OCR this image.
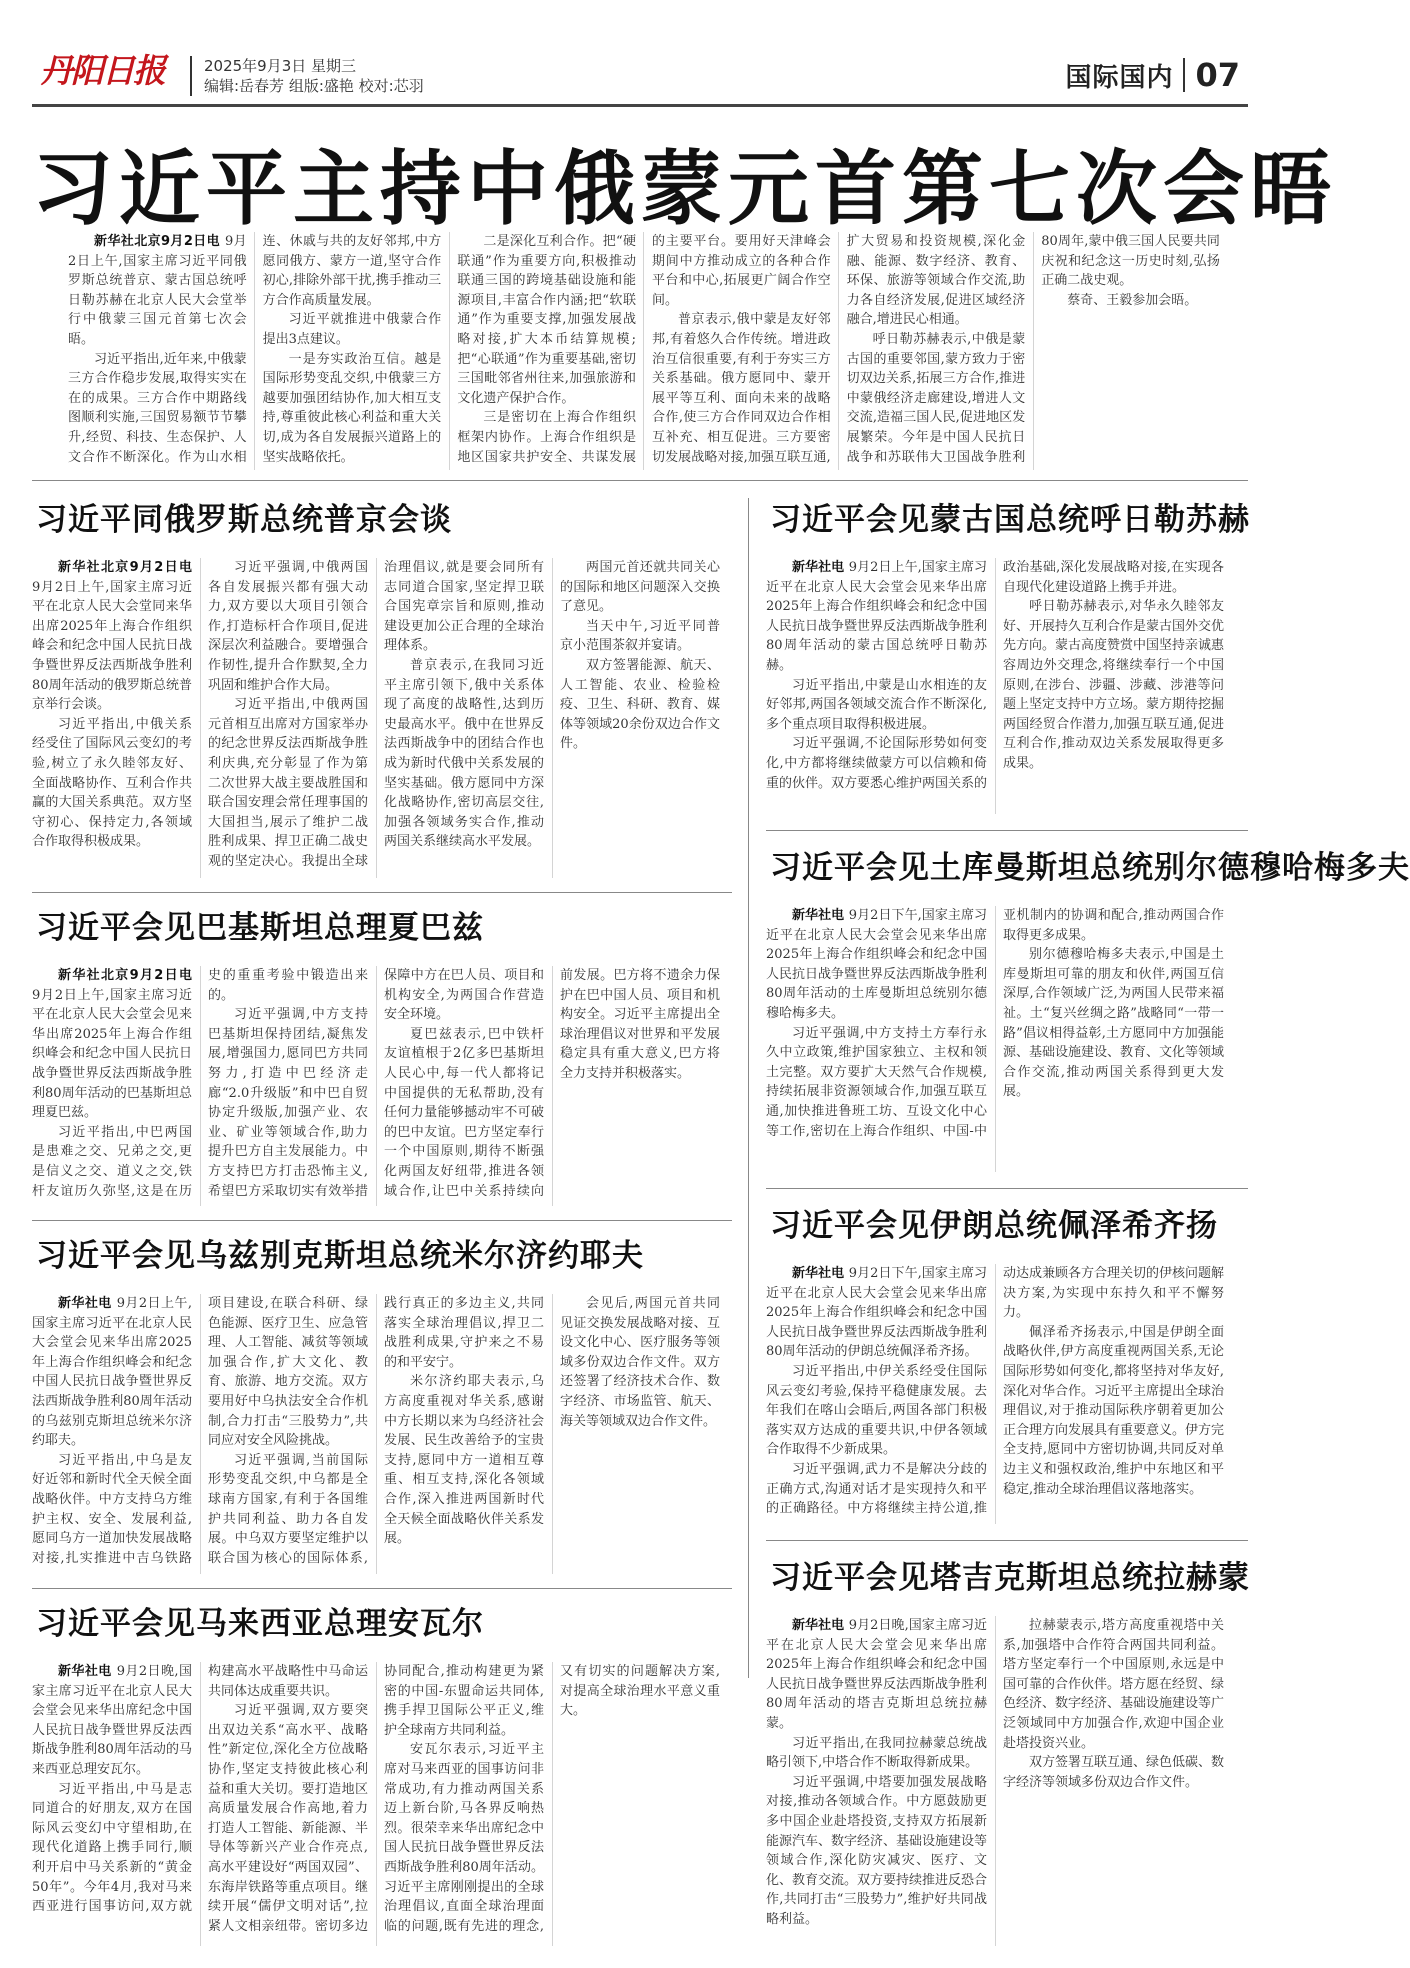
丹阳日报	2025年9月3日 星期三
编辑:岳春芳 组版:盛艳 校对:芯羽	国际国内 07
习近平主持中俄蒙元首第七次会晤

新华社北京9月2日电 9月2日上午,国家主席习近平同俄罗斯总统普京、蒙古国总统呼日勒苏赫在北京人民大会堂举行中俄蒙三国元首第七次会晤。

习近平指出,近年来,中俄蒙三方合作稳步发展,取得实实在在的成果。三方合作中期路线图顺利实施,三国贸易额节节攀升,经贸、科技、生态保护、人文合作不断深化。作为山水相连、休戚与共的友好邻邦,中方愿同俄方、蒙方一道,坚守合作初心,排除外部干扰,携手推动三方合作高质量发展。

习近平就推进中俄蒙合作提出3点建议。

一是夯实政治互信。越是国际形势变乱交织,中俄蒙三方越要加强团结协作,加大相互支持,尊重彼此核心利益和重大关切,成为各自发展振兴道路上的坚实战略依托。

二是深化互利合作。把“硬联通”作为重要方向,积极推动联通三国的跨境基础设施和能源项目,丰富合作内涵;把“软联通”作为重要支撑,加强发展战略对接,扩大本币结算规模;把“心联通”作为重要基础,密切三国毗邻省州往来,加强旅游和文化遗产保护合作。

三是密切在上海合作组织框架内协作。上海合作组织是地区国家共护安全、共谋发展的主要平台。要用好天津峰会期间中方推动成立的各种合作平台和中心,拓展更广阔合作空间。

普京表示,俄中蒙是友好邻邦,有着悠久合作传统。增进政治互信很重要,有利于夯实三方关系基础。俄方愿同中、蒙开展平等互利、面向未来的战略合作,使三方合作同双边合作相互补充、相互促进。三方要密切发展战略对接,加强互联互通,扩大贸易和投资规模,深化金融、能源、数字经济、教育、环保、旅游等领域合作交流,助力各自经济发展,促进区域经济融合,增进民心相通。

呼日勒苏赫表示,中俄是蒙古国的重要邻国,蒙方致力于密切双边关系,拓展三方合作,推进中蒙俄经济走廊建设,增进人文交流,造福三国人民,促进地区发展繁荣。今年是中国人民抗日战争和苏联伟大卫国战争胜利80周年,蒙中俄三国人民要共同庆祝和纪念这一历史时刻,弘扬正确二战史观。

蔡奇、王毅参加会晤。

习近平同俄罗斯总统普京会谈

新华社北京9月2日电 9月2日上午,国家主席习近平在北京人民大会堂同来华出席2025年上海合作组织峰会和纪念中国人民抗日战争暨世界反法西斯战争胜利80周年活动的俄罗斯总统普京举行会谈。

习近平指出,中俄关系经受住了国际风云变幻的考验,树立了永久睦邻友好、全面战略协作、互利合作共赢的大国关系典范。双方坚守初心、保持定力,各领域合作取得积极成果。

习近平强调,中俄两国各自发展振兴都有强大动力,双方要以大项目引领合作,打造标杆合作项目,促进深层次利益融合。要增强合作韧性,提升合作默契,全力巩固和维护合作大局。

习近平指出,中俄两国元首相互出席对方国家举办的纪念世界反法西斯战争胜利庆典,充分彰显了作为第二次世界大战主要战胜国和联合国安理会常任理事国的大国担当,展示了维护二战胜利成果、捍卫正确二战史观的坚定决心。我提出全球治理倡议,就是要会同所有志同道合国家,坚定捍卫联合国宪章宗旨和原则,推动建设更加公正合理的全球治理体系。

普京表示,在我同习近平主席引领下,俄中关系体现了高度的战略性,达到历史最高水平。俄中在世界反法西斯战争中的团结合作也成为新时代俄中关系发展的坚实基础。俄方愿同中方深化战略协作,密切高层交往,加强各领域务实合作,推动两国关系继续高水平发展。

两国元首还就共同关心的国际和地区问题深入交换了意见。

当天中午,习近平同普京小范围茶叙并宴请。

双方签署能源、航天、人工智能、农业、检验检疫、卫生、科研、教育、媒体等领域20余份双边合作文件。

习近平会见蒙古国总统呼日勒苏赫

新华社电 9月2日上午,国家主席习近平在北京人民大会堂会见来华出席2025年上海合作组织峰会和纪念中国人民抗日战争暨世界反法西斯战争胜利80周年活动的蒙古国总统呼日勒苏赫。

习近平指出,中蒙是山水相连的友好邻邦,两国各领域交流合作不断深化,多个重点项目取得积极进展。

习近平强调,不论国际形势如何变化,中方都将继续做蒙方可以信赖和倚重的伙伴。双方要悉心维护两国关系的政治基础,深化发展战略对接,在实现各自现代化建设道路上携手并进。

呼日勒苏赫表示,对华永久睦邻友好、开展持久互利合作是蒙古国外交优先方向。蒙古高度赞赏中国坚持亲诚惠容周边外交理念,将继续奉行一个中国原则,在涉台、涉疆、涉藏、涉港等问题上坚定支持中方立场。蒙方期待挖掘两国经贸合作潜力,加强互联互通,促进互利合作,推动双边关系发展取得更多成果。

习近平会见巴基斯坦总理夏巴兹

新华社北京9月2日电 9月2日上午,国家主席习近平在北京人民大会堂会见来华出席2025年上海合作组织峰会和纪念中国人民抗日战争暨世界反法西斯战争胜利80周年活动的巴基斯坦总理夏巴兹。

习近平指出,中巴两国是患难之交、兄弟之交,更是信义之交、道义之交,铁杆友谊历久弥坚,这是在历史的重重考验中锻造出来的。

习近平强调,中方支持巴基斯坦保持团结,凝焦发展,增强国力,愿同巴方共同努力,打造中巴经济走廊“2.0升级版”和中巴自贸协定升级版,加强产业、农业、矿业等领域合作,助力提升巴方自主发展能力。中方支持巴方打击恐怖主义,希望巴方采取切实有效举措保障中方在巴人员、项目和机构安全,为两国合作营造安全环境。

夏巴兹表示,巴中铁杆友谊植根于2亿多巴基斯坦人民心中,每一代人都将记中国提供的无私帮助,没有任何力量能够撼动牢不可破的巴中友谊。巴方坚定奉行一个中国原则,期待不断强化两国友好纽带,推进各领域合作,让巴中关系持续向前发展。巴方将不遗余力保护在巴中国人员、项目和机构安全。习近平主席提出全球治理倡议对世界和平发展稳定具有重大意义,巴方将全力支持并积极落实。

习近平会见土库曼斯坦总统别尔德穆哈梅多夫

新华社电 9月2日下午,国家主席习近平在北京人民大会堂会见来华出席2025年上海合作组织峰会和纪念中国人民抗日战争暨世界反法西斯战争胜利80周年活动的土库曼斯坦总统别尔德穆哈梅多夫。

习近平强调,中方支持土方奉行永久中立政策,维护国家独立、主权和领土完整。双方要扩大天然气合作规模,持续拓展非资源领域合作,加强互联互通,加快推进鲁班工坊、互设文化中心等工作,密切在上海合作组织、中国-中亚机制内的协调和配合,推动两国合作取得更多成果。

别尔德穆哈梅多夫表示,中国是土库曼斯坦可靠的朋友和伙伴,两国互信深厚,合作领域广泛,为两国人民带来福祉。土“复兴丝绸之路”战略同“一带一路”倡议相得益彰,土方愿同中方加强能源、基础设施建设、教育、文化等领域合作交流,推动两国关系得到更大发展。

习近平会见乌兹别克斯坦总统米尔济约耶夫

新华社电 9月2日上午,国家主席习近平在北京人民大会堂会见来华出席2025年上海合作组织峰会和纪念中国人民抗日战争暨世界反法西斯战争胜利80周年活动的乌兹别克斯坦总统米尔济约耶夫。

习近平指出,中乌是友好近邻和新时代全天候全面战略伙伴。中方支持乌方维护主权、安全、发展利益,愿同乌方一道加快发展战略对接,扎实推进中吉乌铁路项目建设,在联合科研、绿色能源、医疗卫生、应急管理、人工智能、减贫等领域加强合作,扩大文化、教育、旅游、地方交流。双方要用好中乌执法安全合作机制,合力打击“三股势力”,共同应对安全风险挑战。

习近平强调,当前国际形势变乱交织,中乌都是全球南方国家,有利于各国维护共同利益、助力各自发展。中乌双方要坚定维护以联合国为核心的国际体系,践行真正的多边主义,共同落实全球治理倡议,捍卫二战胜利成果,守护来之不易的和平安宁。

米尔济约耶夫表示,乌方高度重视对华关系,感谢中方长期以来为乌经济社会发展、民生改善给予的宝贵支持,愿同中方一道相互尊重、相互支持,深化各领域合作,深入推进两国新时代全天候全面战略伙伴关系发展。

会见后,两国元首共同见证交换发展战略对接、互设文化中心、医疗服务等领域多份双边合作文件。双方还签署了经济技术合作、数字经济、市场监管、航天、海关等领域双边合作文件。

习近平会见伊朗总统佩泽希齐扬

新华社电 9月2日下午,国家主席习近平在北京人民大会堂会见来华出席2025年上海合作组织峰会和纪念中国人民抗日战争暨世界反法西斯战争胜利80周年活动的伊朗总统佩泽希齐扬。

习近平指出,中伊关系经受住国际风云变幻考验,保持平稳健康发展。去年我们在喀山会晤后,两国各部门积极落实双方达成的重要共识,中伊各领域合作取得不少新成果。

习近平强调,武力不是解决分歧的正确方式,沟通对话才是实现持久和平的正确路径。中方将继续主持公道,推动达成兼顾各方合理关切的伊核问题解决方案,为实现中东持久和平不懈努力。

佩泽希齐扬表示,中国是伊朗全面战略伙伴,伊方高度重视两国关系,无论国际形势如何变化,都将坚持对华友好,深化对华合作。习近平主席提出全球治理倡议,对于推动国际秩序朝着更加公正合理方向发展具有重要意义。伊方完全支持,愿同中方密切协调,共同反对单边主义和强权政治,维护中东地区和平稳定,推动全球治理倡议落地落实。

习近平会见马来西亚总理安瓦尔

新华社电 9月2日晚,国家主席习近平在北京人民大会堂会见来华出席纪念中国人民抗日战争暨世界反法西斯战争胜利80周年活动的马来西亚总理安瓦尔。

习近平指出,中马是志同道合的好朋友,双方在国际风云变幻中守望相助,在现代化道路上携手同行,顺利开启中马关系新的“黄金50年”。今年4月,我对马来西亚进行国事访问,双方就构建高水平战略性中马命运共同体达成重要共识。

习近平强调,双方要突出双边关系“高水平、战略性”新定位,深化全方位战略协作,坚定支持彼此核心利益和重大关切。要打造地区高质量发展合作高地,着力打造人工智能、新能源、半导体等新兴产业合作亮点,高水平建设好“两国双园”、东海岸铁路等重点项目。继续开展“儒伊文明对话”,拉紧人文相亲纽带。密切多边协同配合,推动构建更为紧密的中国-东盟命运共同体,携手捍卫国际公平正义,维护全球南方共同利益。

安瓦尔表示,习近平主席对马来西亚的国事访问非常成功,有力推动两国关系迈上新台阶,马各界反响热烈。很荣幸来华出席纪念中国人民抗日战争暨世界反法西斯战争胜利80周年活动。习近平主席刚刚提出的全球治理倡议,直面全球治理面临的问题,既有先进的理念,又有切实的问题解决方案,对提高全球治理水平意义重大。

习近平会见塔吉克斯坦总统拉赫蒙

新华社电 9月2日晚,国家主席习近平在北京人民大会堂会见来华出席2025年上海合作组织峰会和纪念中国人民抗日战争暨世界反法西斯战争胜利80周年活动的塔吉克斯坦总统拉赫蒙。

习近平指出,在我同拉赫蒙总统战略引领下,中塔合作不断取得新成果。

习近平强调,中塔要加强发展战略对接,推动各领域合作。中方愿鼓励更多中国企业赴塔投资,支持双方拓展新能源汽车、数字经济、基础设施建设等领域合作,深化防灾减灾、医疗、文化、教育交流。双方要持续推进反恐合作,共同打击“三股势力”,维护好共同战略利益。

拉赫蒙表示,塔方高度重视塔中关系,加强塔中合作符合两国共同利益。塔方坚定奉行一个中国原则,永远是中国可靠的合作伙伴。塔方愿在经贸、绿色经济、数字经济、基础设施建设等广泛领域同中方加强合作,欢迎中国企业赴塔投资兴业。

双方签署互联互通、绿色低碳、数字经济等领域多份双边合作文件。
